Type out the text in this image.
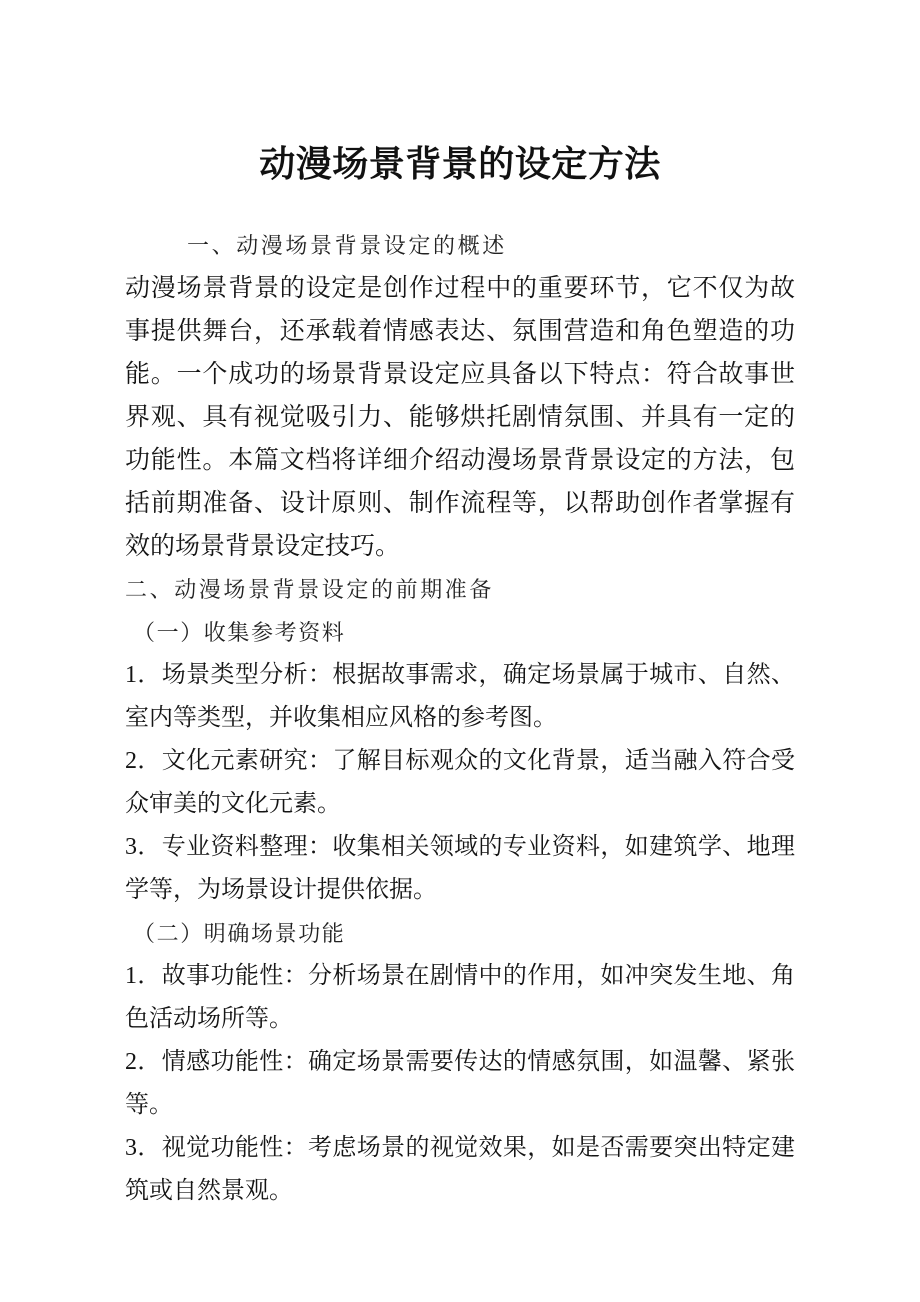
动漫场景背景的设定方法

一、动漫场景背景设定的概述

动漫场景背景的设定是创作过程中的重要环节，它不仅为故事提供舞台，还承载着情感表达、氛围营造和角色塑造的功能。一个成功的场景背景设定应具备以下特点：符合故事世界观、具有视觉吸引力、能够烘托剧情氛围、并具有一定的功能性。本篇文档将详细介绍动漫场景背景设定的方法，包括前期准备、设计原则、制作流程等，以帮助创作者掌握有效的场景背景设定技巧。

二、动漫场景背景设定的前期准备

（一）收集参考资料

1．场景类型分析：根据故事需求，确定场景属于城市、自然、室内等类型，并收集相应风格的参考图。

2．文化元素研究：了解目标观众的文化背景，适当融入符合受众审美的文化元素。

3．专业资料整理：收集相关领域的专业资料，如建筑学、地理学等，为场景设计提供依据。

（二）明确场景功能

1．故事功能性：分析场景在剧情中的作用，如冲突发生地、角色活动场所等。

2．情感功能性：确定场景需要传达的情感氛围，如温馨、紧张等。

3．视觉功能性：考虑场景的视觉效果，如是否需要突出特定建筑或自然景观。
